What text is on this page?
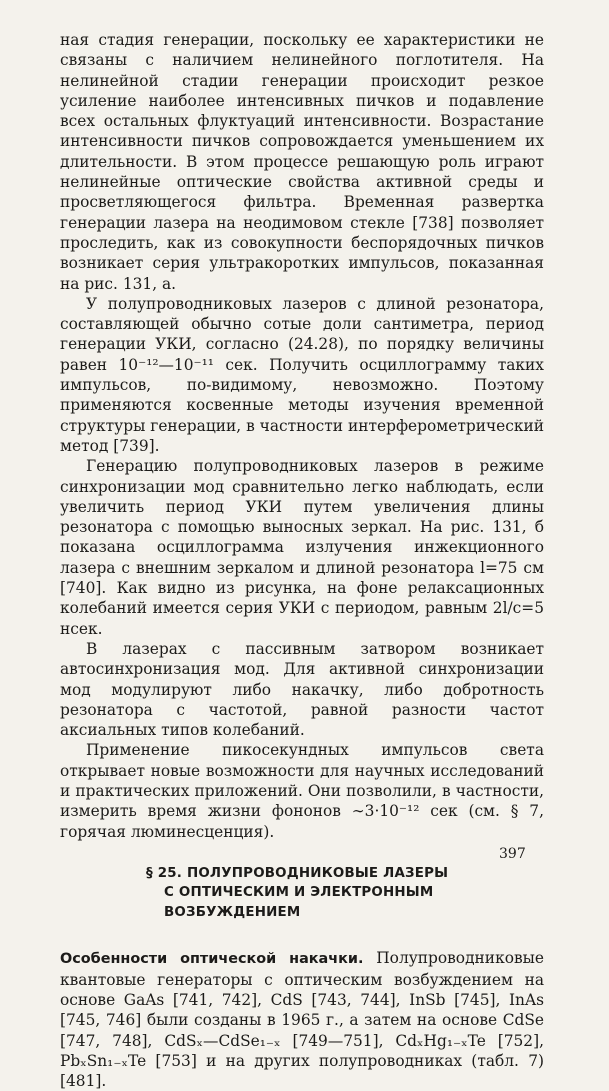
ная стадия генерации, поскольку ее характеристики не связаны с наличием нелинейного поглотителя. На нелинейной стадии генерации происходит резкое усиление наиболее интенсивных пичков и подавление всех остальных флуктуаций интенсивности. Возрастание интенсивности пичков сопровождается уменьшением их длительности. В этом процессе решающую роль играют нелинейные оптические свойства активной среды и просветляющегося фильтра. Временная развертка генерации лазера на неодимовом стекле [738] позволяет проследить, как из совокупности беспорядочных пичков возникает серия ультракоротких импульсов, показанная на рис. 131, а.

У полупроводниковых лазеров с длиной резонатора, составляющей обычно сотые доли сантиметра, период генерации УКИ, согласно (24.28), по порядку величины равен 10⁻¹²—10⁻¹¹ сек. Получить осциллограмму таких импульсов, по-видимому, невозможно. Поэтому применяются косвенные методы изучения временной структуры генерации, в частности интерферометрический метод [739].

Генерацию полупроводниковых лазеров в режиме синхронизации мод сравнительно легко наблюдать, если увеличить период УКИ путем увеличения длины резонатора с помощью выносных зеркал. На рис. 131, б показана осциллограмма излучения инжекционного лазера с внешним зеркалом и длиной резонатора l=75 см [740]. Как видно из рисунка, на фоне релаксационных колебаний имеется серия УКИ с периодом, равным 2l/c=5 нсек.

В лазерах с пассивным затвором возникает автосинхронизация мод. Для активной синхронизации мод модулируют либо накачку, либо добротность резонатора с частотой, равной разности частот аксиальных типов колебаний.

Применение пикосекундных импульсов света открывает новые возможности для научных исследований и практических приложений. Они позволили, в частности, измерить время жизни фононов ∼3·10⁻¹² сек (см. § 7, горячая люминесценция).

§ 25. ПОЛУПРОВОДНИКОВЫЕ ЛАЗЕРЫ
С ОПТИЧЕСКИМ И ЭЛЕКТРОННЫМ
ВОЗБУЖДЕНИЕМ

Особенности оптической накачки. Полупроводниковые квантовые генераторы с оптическим возбуждением на основе GaAs [741, 742], CdS [743, 744], InSb [745], InAs [745, 746] были созданы в 1965 г., а затем на основе CdSe [747, 748], CdSₓ—CdSe₁₋ₓ [749—751], CdₓHg₁₋ₓTe [752], PbₓSn₁₋ₓTe [753] и на других полупроводниках (табл. 7) [481].

397
